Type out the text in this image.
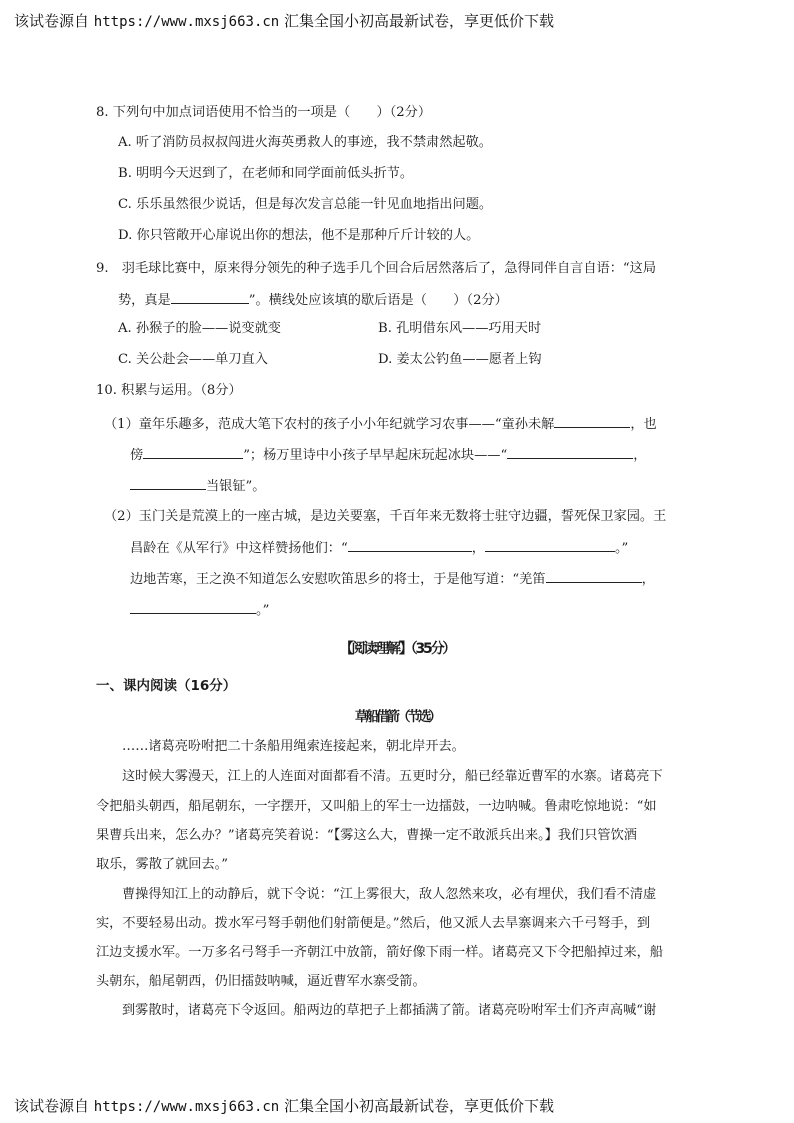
该试卷源自 https://www.mxsj663.cn 汇集全国小初高最新试卷，享更低价下载
8. 下列句中加点词语使用不恰当的一项是（　　）（2分）
A. 听了消防员叔叔闯进火海英勇救人的事迹，我不禁肃然起敬。
B. 明明今天迟到了，在老师和同学面前低头折节。
C. 乐乐虽然很少说话，但是每次发言总能一针见血地指出问题。
D. 你只管敞开心扉说出你的想法，他不是那种斤斤计较的人。
9.　羽毛球比赛中，原来得分领先的种子选手几个回合后居然落后了，急得同伴自言自语：“这局
势，真是	”。横线处应该填的歇后语是（　　）（2分）
A. 孙猴子的脸——说变就变	B. 孔明借东风——巧用天时
C. 关公赴会——单刀直入	D. 姜太公钓鱼——愿者上钩
10. 积累与运用。（8分）
（1）童年乐趣多，范成大笔下农村的孩子小小年纪就学习农事——“童孙未解	，也
傍	”；杨万里诗中小孩子早早起床玩起冰块——“	，
当银钲”。
（2）玉门关是荒漠上的一座古城，是边关要塞，千百年来无数将士驻守边疆，誓死保卫家园。王
昌龄在《从军行》中这样赞扬他们：“	，	。”
边地苦寒，王之涣不知道怎么安慰吹笛思乡的将士，于是他写道：“羌笛	，
。”
【阅读理解】（35分）
一、课内阅读（16分）
草船借箭（节选）
……诸葛亮吩咐把二十条船用绳索连接起来，朝北岸开去。
这时候大雾漫天，江上的人连面对面都看不清。五更时分，船已经靠近曹军的水寨。诸葛亮下
令把船头朝西，船尾朝东，一字摆开，又叫船上的军士一边擂鼓，一边呐喊。鲁肃吃惊地说：“如
果曹兵出来，怎么办？”诸葛亮笑着说：“【雾这么大，曹操一定不敢派兵出来。】我们只管饮酒
取乐，雾散了就回去。”
曹操得知江上的动静后，就下令说：“江上雾很大，敌人忽然来攻，必有埋伏，我们看不清虚
实，不要轻易出动。拨水军弓弩手朝他们射箭便是。”然后，他又派人去旱寨调来六千弓弩手，到
江边支援水军。一万多名弓弩手一齐朝江中放箭，箭好像下雨一样。诸葛亮又下令把船掉过来，船
头朝东，船尾朝西，仍旧擂鼓呐喊，逼近曹军水寨受箭。
到雾散时，诸葛亮下令返回。船两边的草把子上都插满了箭。诸葛亮吩咐军士们齐声高喊“谢
该试卷源自 https://www.mxsj663.cn 汇集全国小初高最新试卷，享更低价下载
